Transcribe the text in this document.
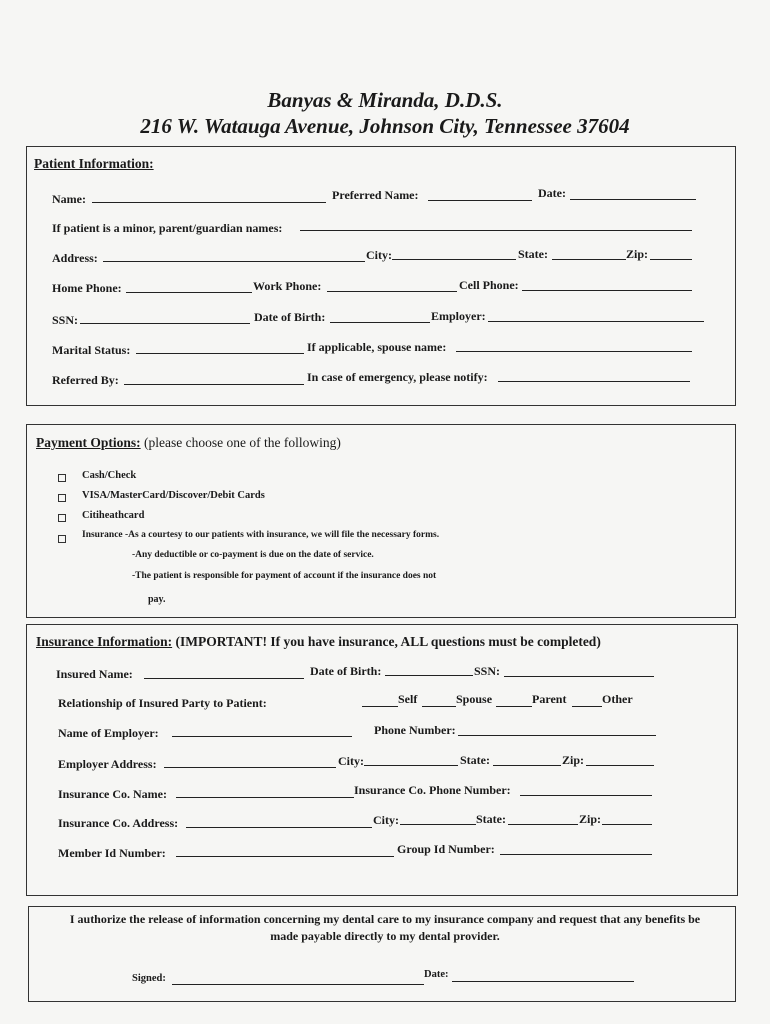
Banyas & Miranda, D.D.S.
216 W. Watauga Avenue, Johnson City, Tennessee 37604
Patient Information:
Name:	Preferred Name:	Date:
If patient is a minor, parent/guardian names:
Address:	City:	State:	Zip:
Home Phone:	Work Phone:	Cell Phone:
SSN:	Date of Birth:	Employer:
Marital Status:	If applicable, spouse name:
Referred By:	In case of emergency, please notify:
Payment Options: (please choose one of the following)
Cash/Check
VISA/MasterCard/Discover/Debit Cards
Citiheathcard
Insurance -As a courtesy to our patients with insurance, we will file the necessary forms.
-Any deductible or co-payment is due on the date of service.
-The patient is responsible for payment of account if the insurance does not
pay.
Insurance Information: (IMPORTANT! If you have insurance, ALL questions must be completed)
Insured Name:	Date of Birth:	SSN:
Relationship of Insured Party to Patient:	Self	Spouse	Parent	Other
Name of Employer:	Phone Number:
Employer Address:	City:	State:	Zip:
Insurance Co. Name:	Insurance Co. Phone Number:
Insurance Co. Address:	City:	State:	Zip:
Member Id Number:	Group Id Number:
I authorize the release of information concerning my dental care to my insurance company and request that any benefits be
made payable directly to my dental provider.
Signed:	Date:
